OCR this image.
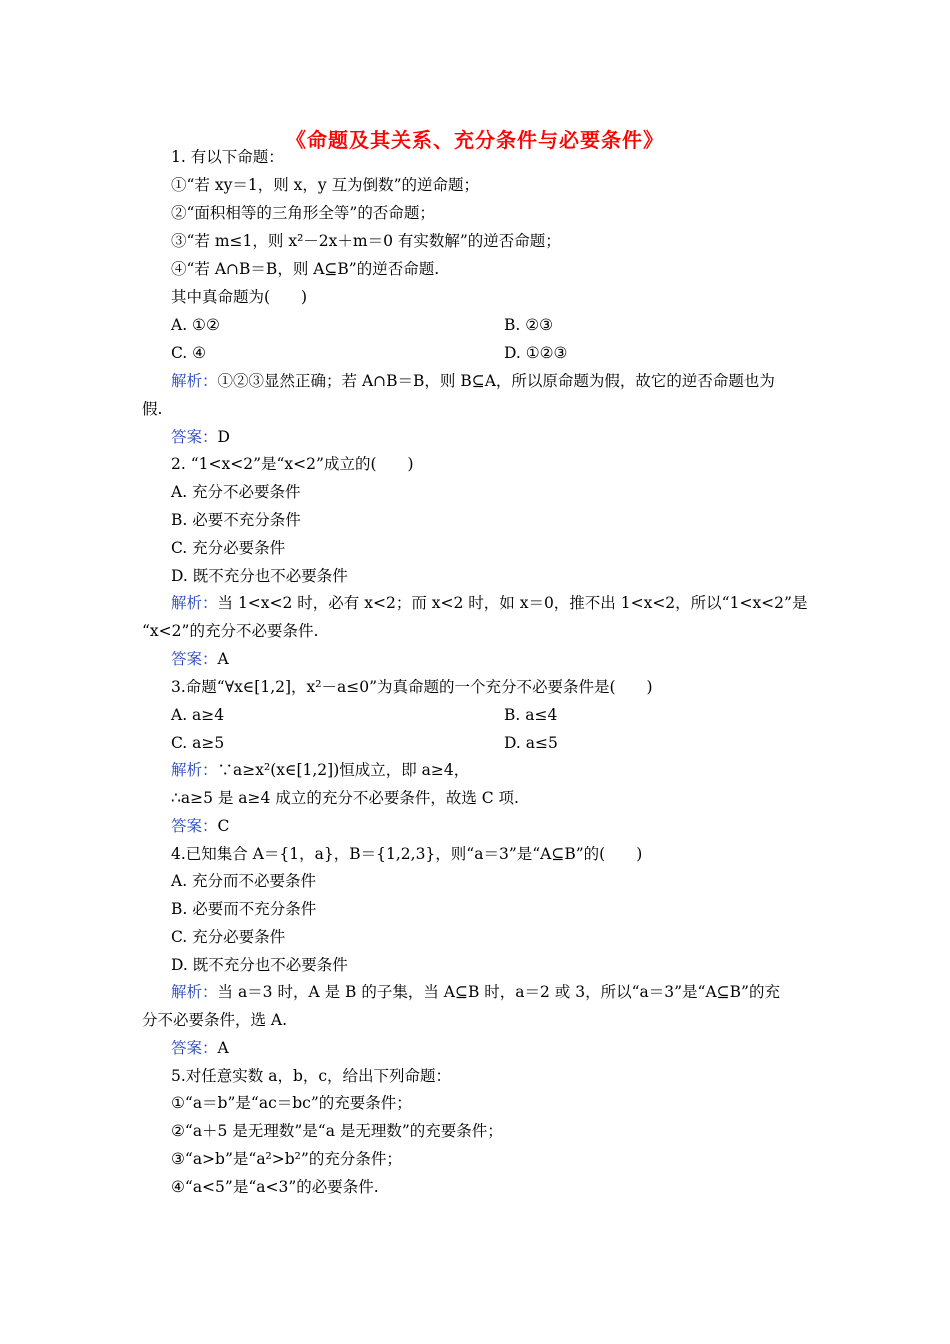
《命题及其关系、充分条件与必要条件》
1. 有以下命题：
①“若 xy＝1，则 x，y 互为倒数”的逆命题；
②“面积相等的三角形全等”的否命题；
③“若 m≤1，则 x²－2x＋m＝0 有实数解”的逆否命题；
④“若 A∩B＝B，则 A⊆B”的逆否命题.
其中真命题为(　　)
A. ①②	B. ②③
C. ④	D. ①②③
解析：①②③显然正确；若 A∩B＝B，则 B⊆A，所以原命题为假，故它的逆否命题也为
假.
答案：D
2. “1<x<2”是“x<2”成立的(　　)
A. 充分不必要条件
B. 必要不充分条件
C. 充分必要条件
D. 既不充分也不必要条件
解析：当 1<x<2 时，必有 x<2；而 x<2 时，如 x＝0，推不出 1<x<2，所以“1<x<2”是
“x<2”的充分不必要条件.
答案：A
3.命题“∀x∈[1,2]，x²－a≤0”为真命题的一个充分不必要条件是(　　)
A. a≥4	B. a≤4
C. a≥5	D. a≤5
解析：∵a≥x²(x∈[1,2])恒成立，即 a≥4，
∴a≥5 是 a≥4 成立的充分不必要条件，故选 C 项.
答案：C
4.已知集合 A＝{1，a}，B＝{1,2,3}，则“a＝3”是“A⊆B”的(　　)
A. 充分而不必要条件
B. 必要而不充分条件
C. 充分必要条件
D. 既不充分也不必要条件
解析：当 a＝3 时，A 是 B 的子集，当 A⊆B 时，a＝2 或 3，所以“a＝3”是“A⊆B”的充
分不必要条件，选 A.
答案：A
5.对任意实数 a，b，c，给出下列命题：
①“a＝b”是“ac＝bc”的充要条件；
②“a＋5 是无理数”是“a 是无理数”的充要条件；
③“a>b”是“a²>b²”的充分条件；
④“a<5”是“a<3”的必要条件.
